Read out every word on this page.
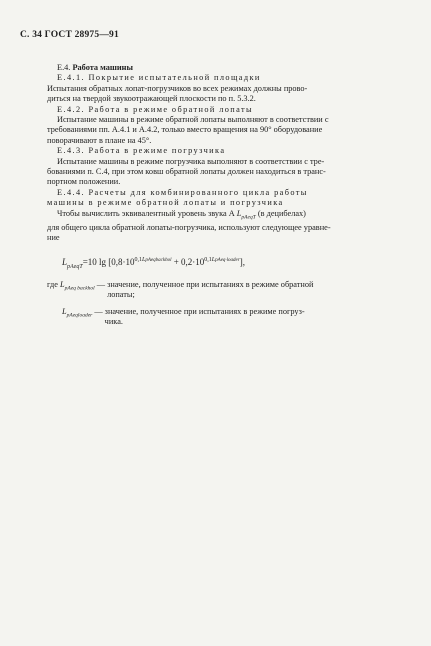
С. 34 ГОСТ 28975—91
Е.4. Работа машины
Е.4.1. Покрытие испытательной площадки
Испытания обратных лопат-погрузчиков во всех режимах должны прово-
диться на твердой звукоотражающей плоскости по п. 5.3.2.
Е.4.2. Работа в режиме обратной лопаты
Испытание машины в режиме обратной лопаты выполняют в соответствии с
требованиями пп. А.4.1 и А.4.2, только вместо вращения на 90° оборудование
поворачивают в плане на 45°.
Е.4.3. Работа в режиме погрузчика
Испытание машины в режиме погрузчика выполняют в соответствии с тре-
бованиями п. С.4, при этом ковш обратной лопаты должен находиться в транс-
портном положении.
Е.4.4. Расчеты для комбинированного цикла работы
машины в режиме обратной лопаты и погрузчика
Чтобы вычислить эквивалентный уровень звука А $L_{pAeqT}$ (в децибелах)
для общего цикла обратной лопаты-погрузчика, используют следующее уравне-
ние
$L_{pAeqT}=10$ $\lg [0,8\cdot 10^{0,1LpAeqbackhol} + 0,2\cdot 10^{0,1LpAeq\cdot loader}]$,
где $L_{pAeq backhol}$ — значение, полученное при испытаниях в режиме обратной
лопаты;
$L_{pAeqloader}$ — значение, полученное при испытаниях в режиме погруз-
чика.
